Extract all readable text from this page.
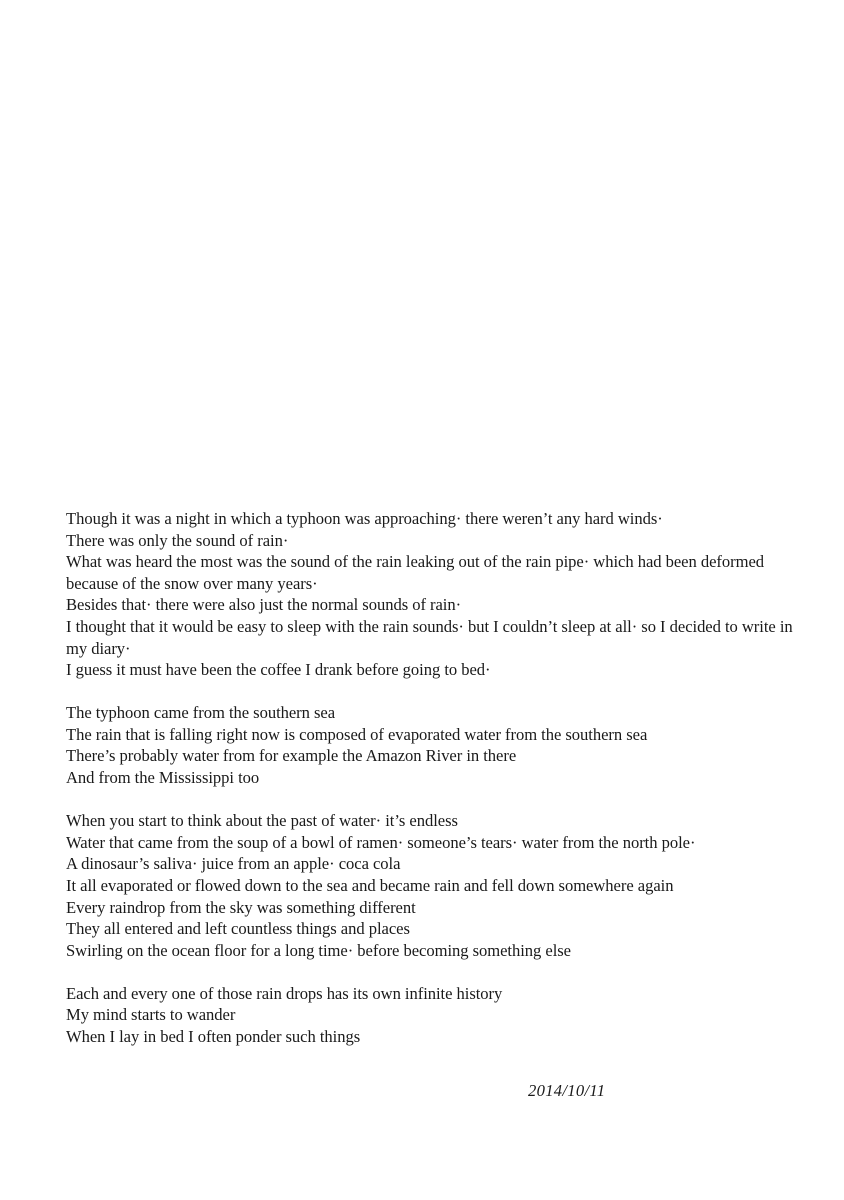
Though it was a night in which a typhoon was approaching· there weren’t any hard winds·
There was only the sound of rain·
What was heard the most was the sound of the rain leaking out of the rain pipe· which had been deformed because of the snow over many years·
Besides that· there were also just the normal sounds of rain·
I thought that it would be easy to sleep with the rain sounds· but I couldn’t sleep at all· so I decided to write in my diary·
I guess it must have been the coffee I drank before going to bed·
The typhoon came from the southern sea
The rain that is falling right now is composed of evaporated water from the southern sea
There’s probably water from for example the Amazon River in there
And from the Mississippi too
When you start to think about the past of water· it’s endless
Water that came from the soup of a bowl of ramen· someone’s tears· water from the north pole·
A dinosaur’s saliva· juice from an apple· coca cola
It all evaporated or flowed down to the sea and became rain and fell down somewhere again
Every raindrop from the sky was something different
They all entered and left countless things and places
Swirling on the ocean floor for a long time· before becoming something else
Each and every one of those rain drops has its own infinite history
My mind starts to wander
When I lay in bed I often ponder such things
2014/10/11
